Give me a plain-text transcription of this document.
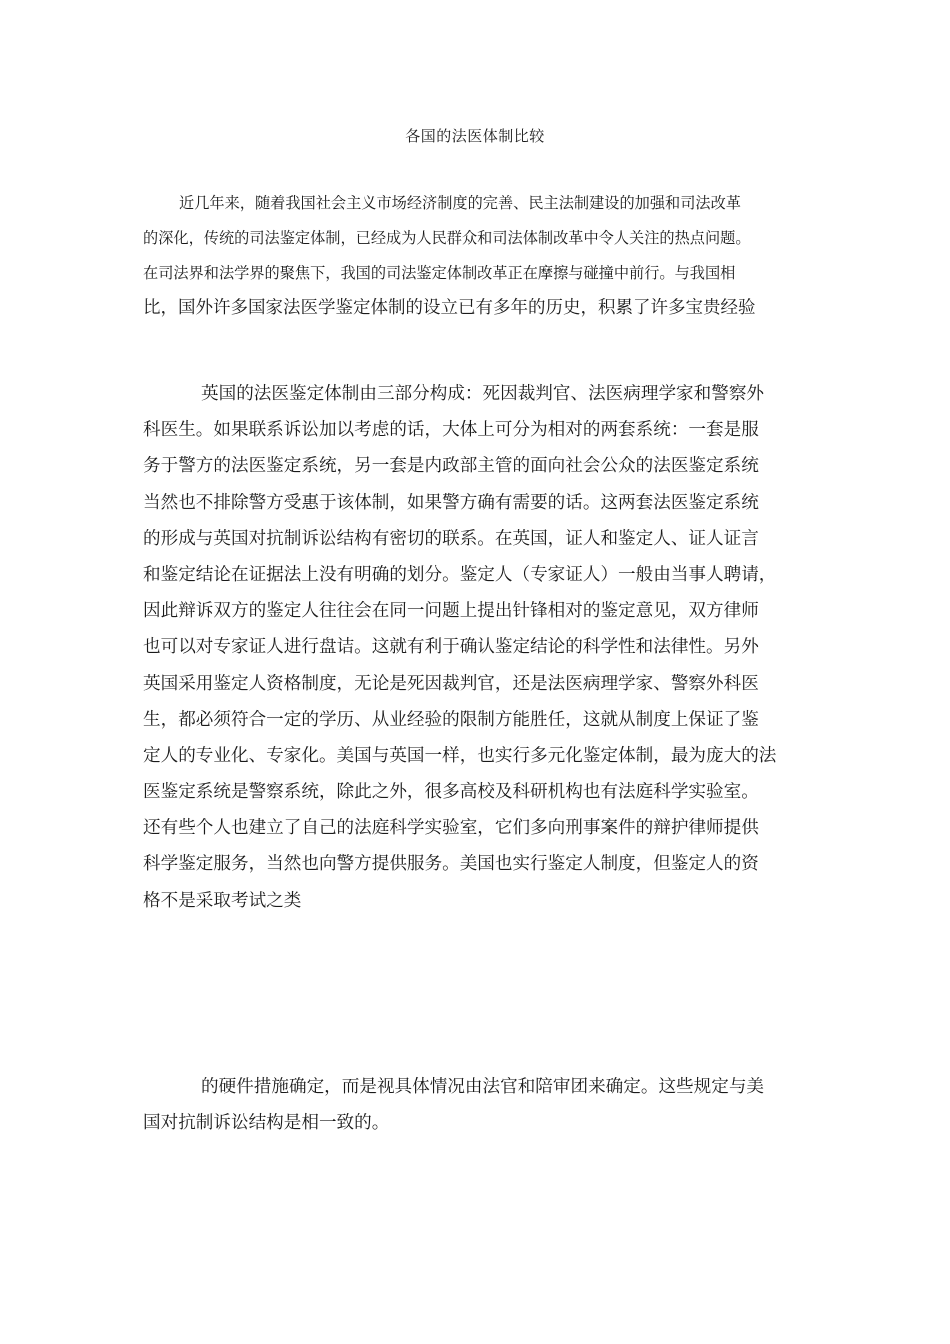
各国的法医体制比较
近几年来，随着我国社会主义市场经济制度的完善、民主法制建设的加强和司法改革
的深化，传统的司法鉴定体制，已经成为人民群众和司法体制改革中令人关注的热点问题。
在司法界和法学界的聚焦下，我国的司法鉴定体制改革正在摩擦与碰撞中前行。与我国相
比，国外许多国家法医学鉴定体制的设立已有多年的历史，积累了许多宝贵经验
英国的法医鉴定体制由三部分构成：死因裁判官、法医病理学家和警察外
科医生。如果联系诉讼加以考虑的话，大体上可分为相对的两套系统：一套是服
务于警方的法医鉴定系统，另一套是内政部主管的面向社会公众的法医鉴定系统
当然也不排除警方受惠于该体制，如果警方确有需要的话。这两套法医鉴定系统
的形成与英国对抗制诉讼结构有密切的联系。在英国，证人和鉴定人、证人证言
和鉴定结论在证据法上没有明确的划分。鉴定人（专家证人）一般由当事人聘请，
因此辩诉双方的鉴定人往往会在同一问题上提出针锋相对的鉴定意见，双方律师
也可以对专家证人进行盘诘。这就有利于确认鉴定结论的科学性和法律性。另外
英国采用鉴定人资格制度，无论是死因裁判官，还是法医病理学家、警察外科医
生，都必须符合一定的学历、从业经验的限制方能胜任，这就从制度上保证了鉴
定人的专业化、专家化。美国与英国一样，也实行多元化鉴定体制，最为庞大的法
医鉴定系统是警察系统，除此之外，很多高校及科研机构也有法庭科学实验室。
还有些个人也建立了自己的法庭科学实验室，它们多向刑事案件的辩护律师提供
科学鉴定服务，当然也向警方提供服务。美国也实行鉴定人制度，但鉴定人的资
格不是采取考试之类
的硬件措施确定，而是视具体情况由法官和陪审团来确定。这些规定与美
国对抗制诉讼结构是相一致的。
